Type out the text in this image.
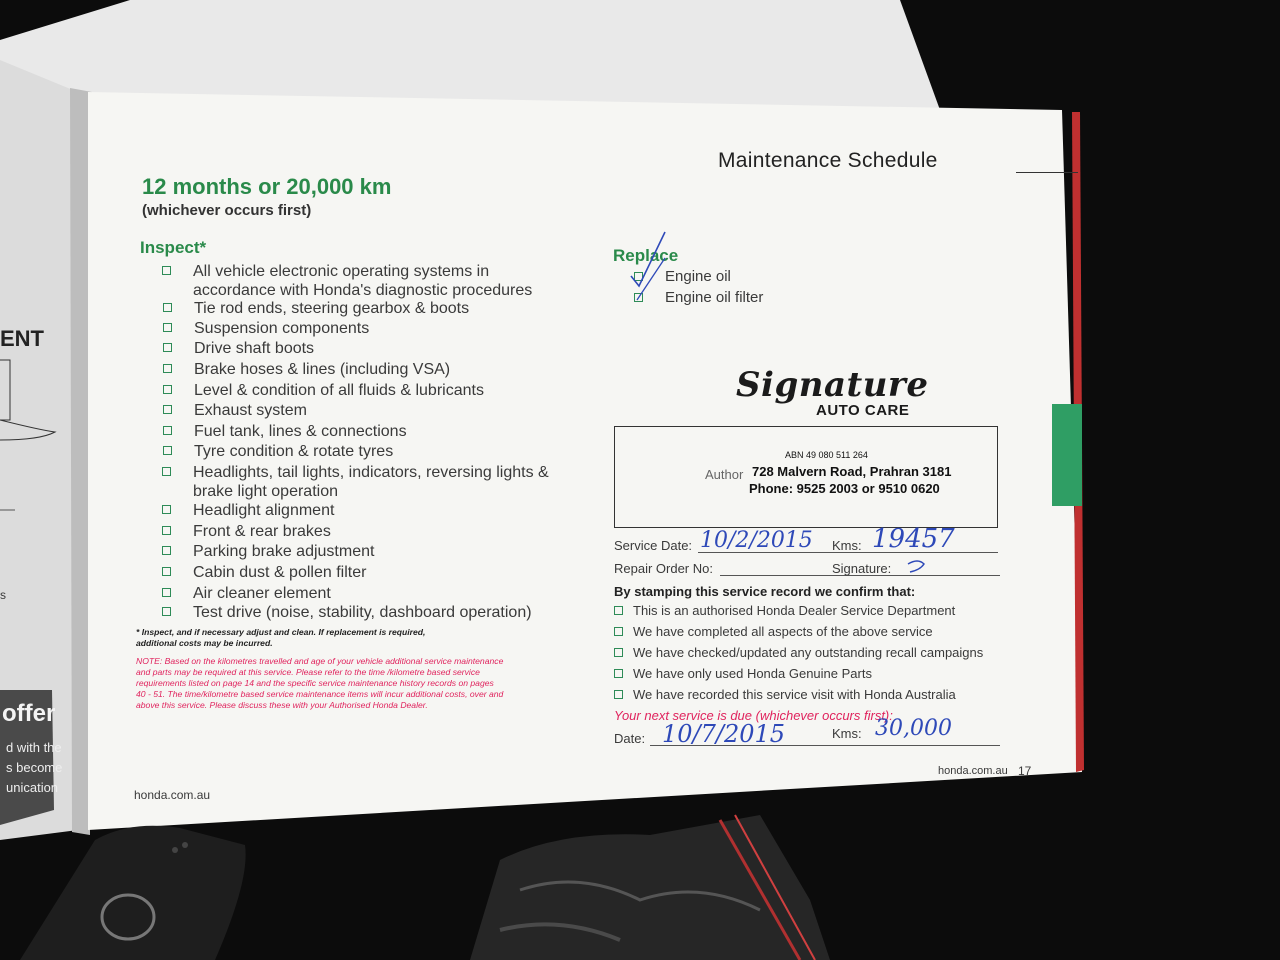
ENT
offer
d with the
s become
unication
s
Maintenance Schedule
12 months or 20,000 km
(whichever occurs first)
Inspect*
All vehicle electronic operating systems in
accordance with Honda's diagnostic procedures
Tie rod ends, steering gearbox & boots
Suspension components
Drive shaft boots
Brake hoses & lines (including VSA)
Level & condition of all fluids & lubricants
Exhaust system
Fuel tank, lines & connections
Tyre condition & rotate tyres
Headlights, tail lights, indicators, reversing lights &
brake light operation
Headlight alignment
Front & rear brakes
Parking brake adjustment
Cabin dust & pollen filter
Air cleaner element
Test drive (noise, stability, dashboard operation)
* Inspect, and if necessary adjust and clean. If replacement is required,
additional costs may be incurred.
NOTE: Based on the kilometres travelled and age of your vehicle additional service maintenance
and parts may be required at this service. Please refer to the time /kilometre based service
requirements listed on page 14 and the specific service maintenance history records on pages
40 - 51. The time/kilometre based service maintenance items will incur additional costs, over and
above this service. Please discuss these with your Authorised Honda Dealer.
honda.com.au
Replace
Engine oil
Engine oil filter
Signature
AUTO CARE
Author
ABN 49 080 511 264
728 Malvern Road, Prahran 3181
Phone: 9525 2003 or 9510 0620
Service Date: 10/2/2015 Kms: 19457
Repair Order No:	Signature:
By stamping this service record we confirm that:
This is an authorised Honda Dealer Service Department
We have completed all aspects of the above service
We have checked/updated any outstanding recall campaigns
We have only used Honda Genuine Parts
We have recorded this service visit with Honda Australia
Your next service is due (whichever occurs first):
Date: 10/7/2015	Kms: 30,000
honda.com.au 17
